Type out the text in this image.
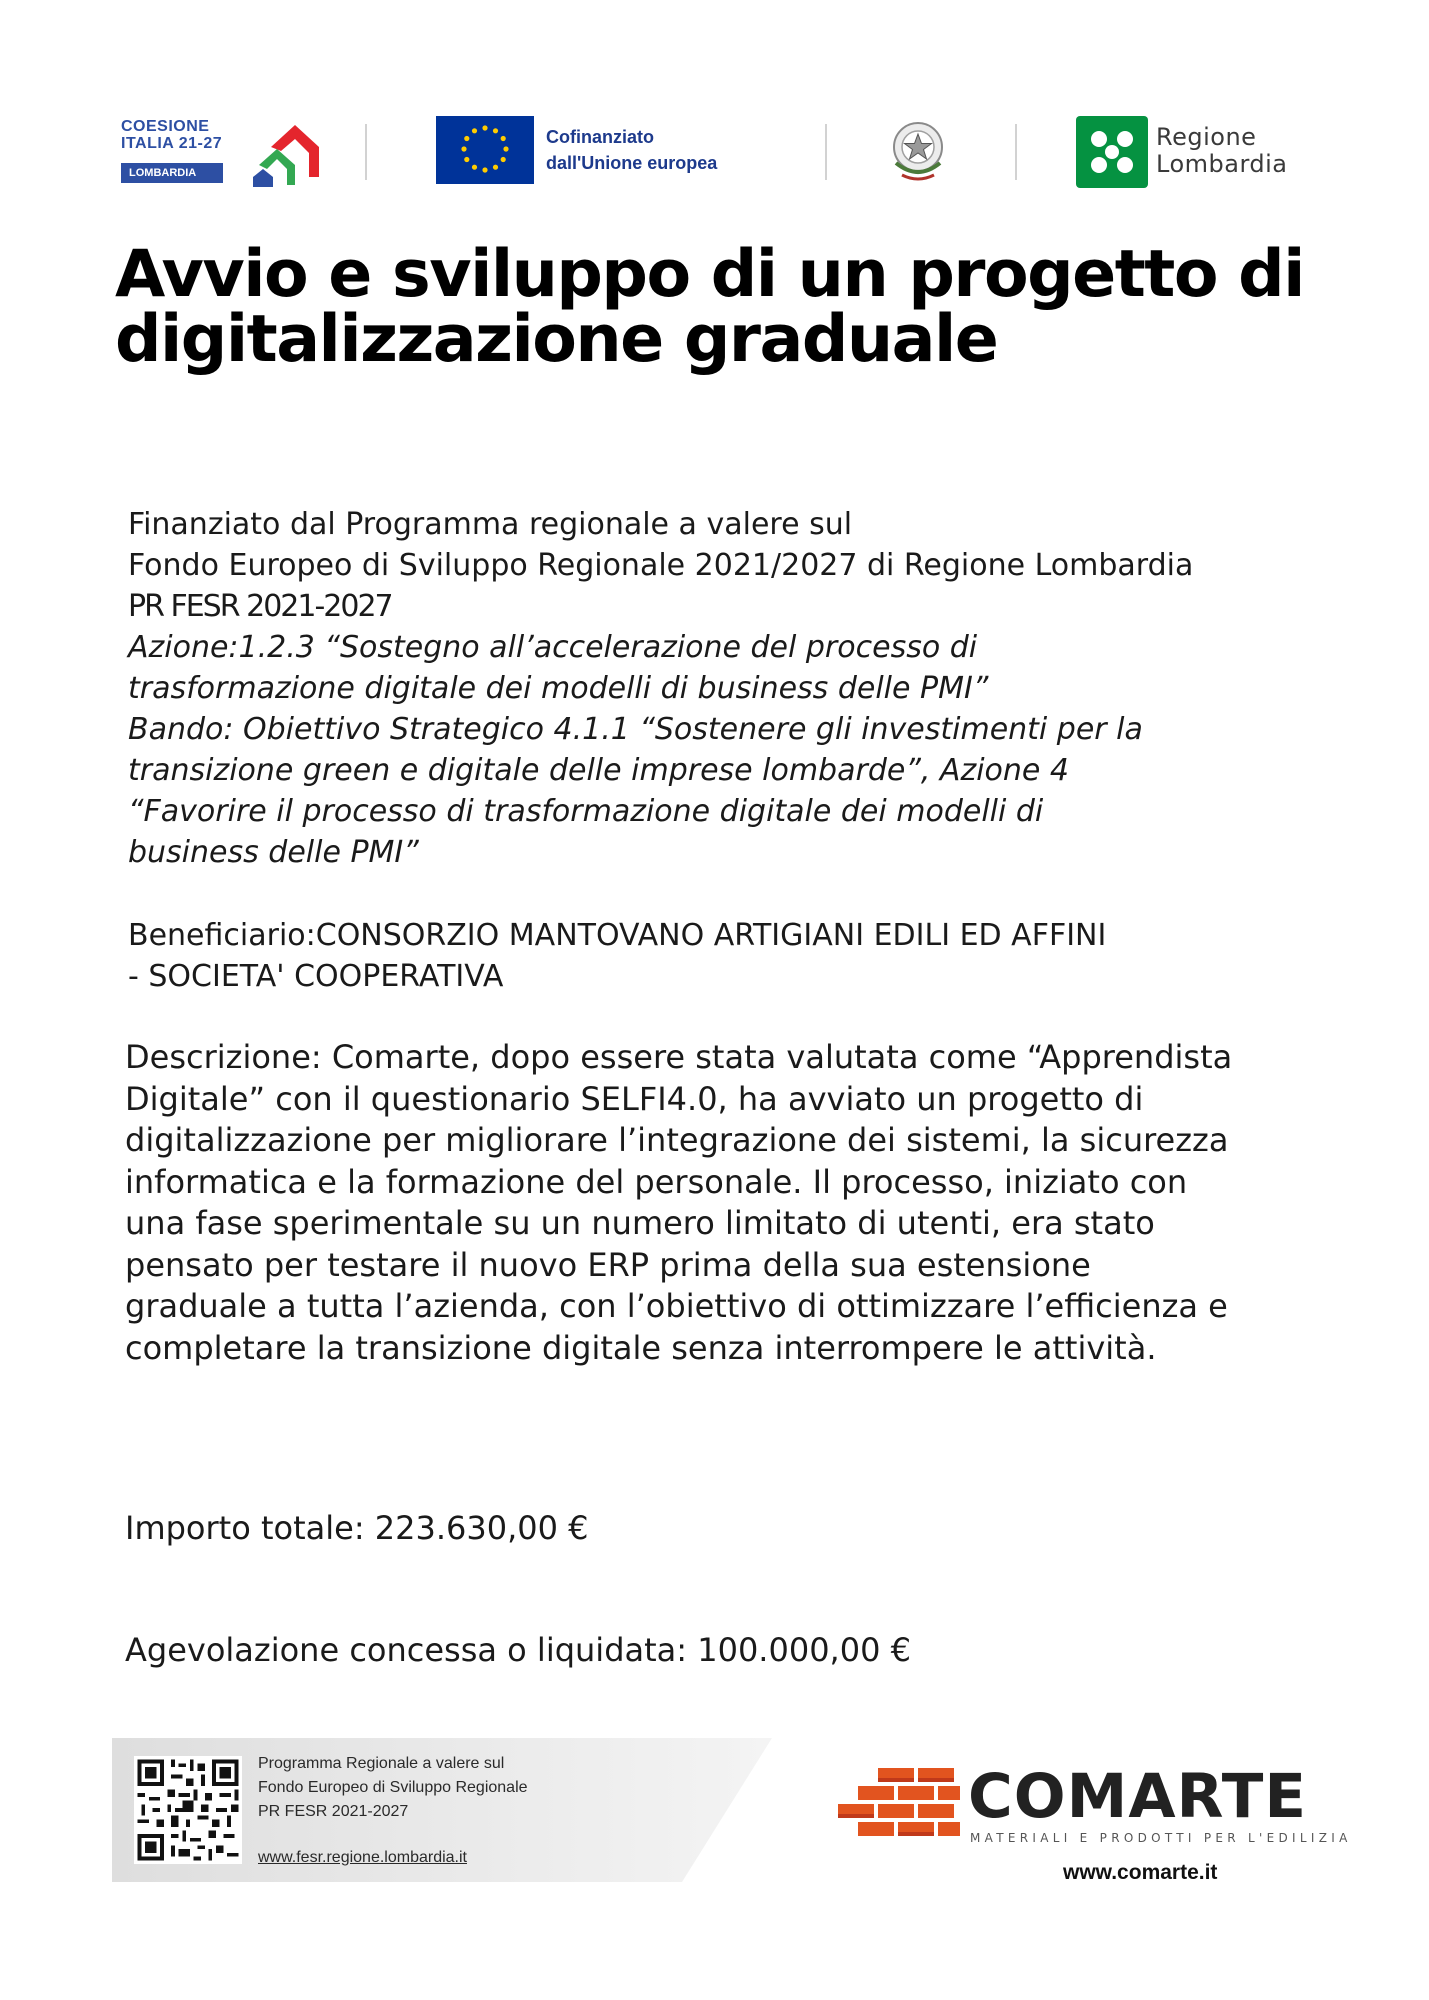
COESIONE
ITALIA 21-27
LOMBARDIA
Cofinanziato
dall'Unione europea
Regione
Lombardia
Avvio e sviluppo di un progetto di
digitalizzazione graduale
Finanziato dal Programma regionale a valere sul
Fondo Europeo di Sviluppo Regionale 2021/2027 di Regione Lombardia
PR FESR 2021-2027
Azione:1.2.3 “Sostegno all’accelerazione del processo di
trasformazione digitale dei modelli di business delle PMI”
Bando: Obiettivo Strategico 4.1.1 “Sostenere gli investimenti per la
transizione green e digitale delle imprese lombarde”, Azione 4
“Favorire il processo di trasformazione digitale dei modelli di
business delle PMI”
Beneficiario:CONSORZIO MANTOVANO ARTIGIANI EDILI ED AFFINI
- SOCIETA' COOPERATIVA
Descrizione: Comarte, dopo essere stata valutata come “Apprendista
Digitale” con il questionario SELFI4.0, ha avviato un progetto di
digitalizzazione per migliorare l’integrazione dei sistemi, la sicurezza
informatica e la formazione del personale. Il processo, iniziato con
una fase sperimentale su un numero limitato di utenti, era stato
pensato per testare il nuovo ERP prima della sua estensione
graduale a tutta l’azienda, con l’obiettivo di ottimizzare l’efficienza e
completare la transizione digitale senza interrompere le attività.
Importo totale: 223.630,00 €
Agevolazione concessa o liquidata: 100.000,00 €
Programma Regionale a valere sul
Fondo Europeo di Sviluppo Regionale
PR FESR 2021-2027
www.fesr.regione.lombardia.it
COMARTE
MATERIALI E PRODOTTI PER L'EDILIZIA
www.comarte.it
